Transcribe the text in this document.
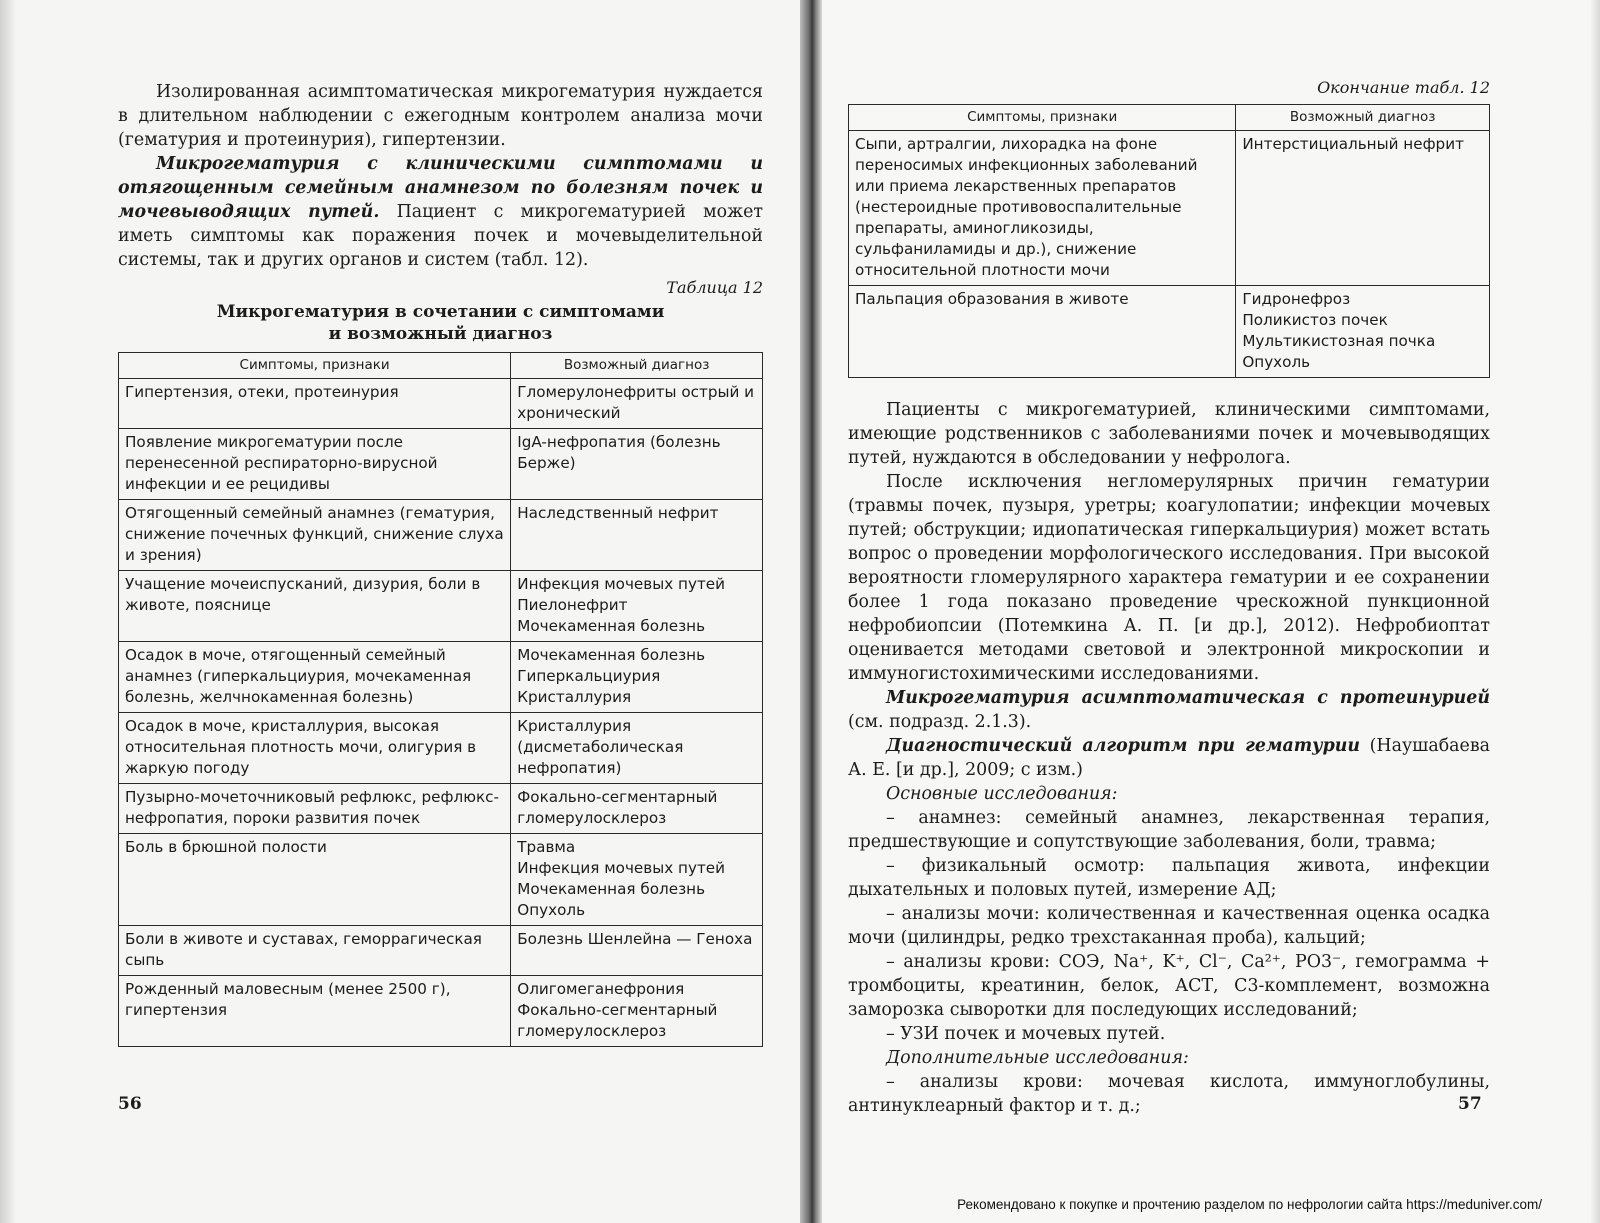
Изолированная асимптоматическая микрогематурия нуждается в длительном наблюдении с ежегодным контролем анализа мочи (гематурия и протеинурия), гипертензии.

Микрогематурия с клиническими симптомами и отягощенным семейным анамнезом по болезням почек и мочевыводящих путей. Пациент с микрогематурией может иметь симптомы как поражения почек и мочевыделительной системы, так и других органов и систем (табл. 12).

Таблица 12
Микрогематурия в сочетании с симптомами
и возможный диагноз
Симптомы, признаки	Возможный диагноз
Гипертензия, отеки, протеинурия	Гломерулонефриты острый и хронический

Появление микрогематурии после перенесенной респираторно-вирусной инфекции и ее рецидивы	IgA-нефропатия (болезнь Берже)

Отягощенный семейный анамнез (гематурия, снижение почечных функций, снижение слуха и зрения)	Наследственный нефрит

Учащение мочеиспусканий, дизурия, боли в животе, пояснице	Инфекция мочевых путей
Пиелонефрит
Мочекаменная болезнь

Осадок в моче, отягощенный семейный анамнез (гиперкальциурия, мочекаменная болезнь, желчнокаменная болезнь)	Мочекаменная болезнь
Гиперкальциурия
Кристаллурия

Осадок в моче, кристаллурия, высокая относительная плотность мочи, олигурия в жаркую погоду	Кристаллурия (дисметаболическая нефропатия)

Пузырно-мочеточниковый рефлюкс, рефлюкс-нефропатия, пороки развития почек	Фокально-сегментарный гломерулосклероз

Боль в брюшной полости	Травма
Инфекция мочевых путей
Мочекаменная болезнь
Опухоль

Боли в животе и суставах, геморрагическая сыпь	Болезнь Шенлейна — Геноха

Рожденный маловесным (менее 2500 г), гипертензия	Олигомеганефрония
Фокально-сегментарный гломерулосклероз
56
Окончание табл. 12
Симптомы, признаки	Возможный диагноз
Сыпи, артралгии, лихорадка на фоне переносимых инфекционных заболеваний или приема лекарственных препаратов (нестероидные противовоспалительные препараты, аминогликозиды, сульфаниламиды и др.), снижение относительной плотности мочи	Интерстициальный нефрит

Пальпация образования в животе	Гидронефроз
Поликистоз почек
Мультикистозная почка
Опухоль

Пациенты с микрогематурией, клиническими симптомами, имеющие родственников с заболеваниями почек и мочевыводящих путей, нуждаются в обследовании у нефролога.

После исключения негломерулярных причин гематурии (травмы почек, пузыря, уретры; коагулопатии; инфекции мочевых путей; обструкции; идиопатическая гиперкальциурия) может встать вопрос о проведении морфологического исследования. При высокой вероятности гломерулярного характера гематурии и ее сохранении более 1 года показано проведение чрескожной пункционной нефробиопсии (Потемкина А. П. [и др.], 2012). Нефробиоптат оценивается методами световой и электронной микроскопии и иммуногистохимическими исследованиями.

Микрогематурия асимптоматическая с протеинурией (см. подразд. 2.1.3).

Диагностический алгоритм при гематурии (Наушабаева А. Е. [и др.], 2009; с изм.)

Основные исследования:

– анамнез: семейный анамнез, лекарственная терапия, предшествующие и сопутствующие заболевания, боли, травма;

– физикальный осмотр: пальпация живота, инфекции дыхательных и половых путей, измерение АД;

– анализы мочи: количественная и качественная оценка осадка мочи (цилиндры, редко трехстаканная проба), кальций;

– анализы крови: СОЭ, Na⁺, K⁺, Cl⁻, Ca²⁺, PO3⁻, гемограмма + тромбоциты, креатинин, белок, АСТ, С3-комплемент, возможна заморозка сыворотки для последующих исследований;

– УЗИ почек и мочевых путей.

Дополнительные исследования:

– анализы крови: мочевая кислота, иммуноглобулины, антинуклеарный фактор и т. д.;	57
Рекомендовано к покупке и прочтению разделом по нефрологии сайта https://meduniver.com/
